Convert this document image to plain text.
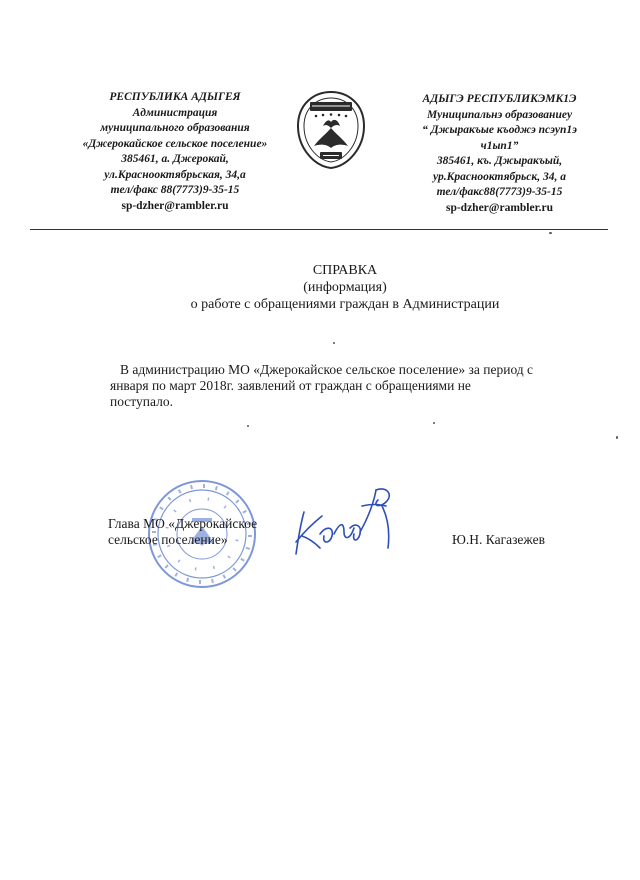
РЕСПУБЛИКА АДЫГЕЯ
Администрация
муниципального образования
«Джерокайское сельское поселение»
385461, а. Джерокай,
ул.Краснооктябрьская, 34,а
тел/факс 88(7773)9-35-15
sp-dzher@rambler.ru
АДЫГЭ РЕСПУБЛИКЭМК1Э
Муниципальнэ образованиеу
“ Джыракъые къоджэ псэуп1э
ч1ып1”
385461, къ. Джыракъый,
ур.Краснооктябрьск, 34, а
тел/факс88(7773)9-35-15
sp-dzher@rambler.ru
СПРАВКА
(информация)
о работе с обращениями граждан в Администрации
В администрацию МО «Джерокайское сельское поселение» за период с
января по март 2018г. заявлений от граждан с обращениями не
поступало.
Глава МО «Джерокайское
сельское поселение»	Ю.Н. Кагазежев
